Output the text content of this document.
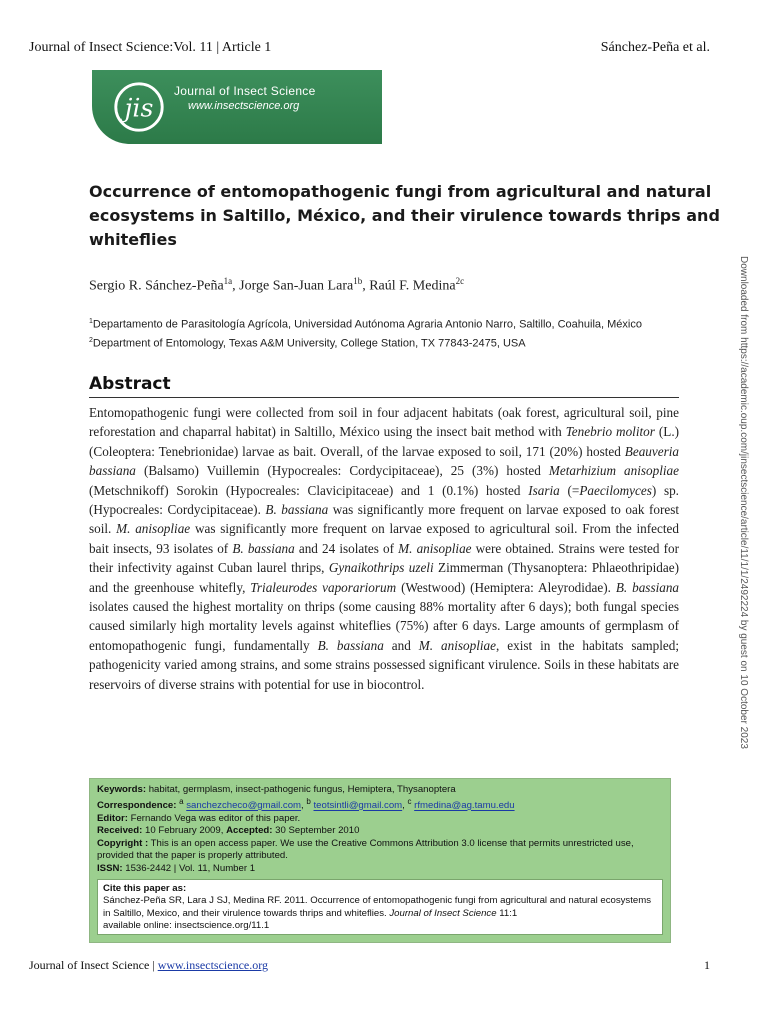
Journal of Insect Science:Vol. 11 | Article 1	Sánchez-Peña et al.
jis
Journal of Insect Science
www.insectscience.org
Occurrence of entomopathogenic fungi from agricultural and natural ecosystems in Saltillo, México, and their virulence towards thrips and whiteflies
Sergio R. Sánchez-Peña$^{1a}$, Jorge San-Juan Lara$^{1b}$, Raúl F. Medina$^{2c}$
$^1$Departamento de Parasitología Agrícola, Universidad Autónoma Agraria Antonio Narro, Saltillo, Coahuila, México
$^2$Department of Entomology, Texas A&M University, College Station, TX 77843-2475, USA
Abstract
Entomopathogenic fungi were collected from soil in four adjacent habitats (oak forest, agricultural soil, pine reforestation and chaparral habitat) in Saltillo, México using the insect bait method with Tenebrio molitor (L.) (Coleoptera: Tenebrionidae) larvae as bait. Overall, of the larvae exposed to soil, 171 (20%) hosted Beauveria bassiana (Balsamo) Vuillemin (Hypocreales: Cordycipitaceae), 25 (3%) hosted Metarhizium anisopliae (Metschnikoff) Sorokin (Hypocreales: Clavicipitaceae) and 1 (0.1%) hosted Isaria (=Paecilomyces) sp. (Hypocreales: Cordycipitaceae). B. bassiana was significantly more frequent on larvae exposed to oak forest soil. M. anisopliae was significantly more frequent on larvae exposed to agricultural soil. From the infected bait insects, 93 isolates of B. bassiana and 24 isolates of M. anisopliae were obtained. Strains were tested for their infectivity against Cuban laurel thrips, Gynaikothrips uzeli Zimmerman (Thysanoptera: Phlaeothripidae) and the greenhouse whitefly, Trialeurodes vaporariorum (Westwood) (Hemiptera: Aleyrodidae). B. bassiana isolates caused the highest mortality on thrips (some causing 88% mortality after 6 days); both fungal species caused similarly high mortality levels against whiteflies (75%) after 6 days. Large amounts of germplasm of entomopathogenic fungi, fundamentally B. bassiana and M. anisopliae, exist in the habitats sampled; pathogenicity varied among strains, and some strains possessed significant virulence. Soils in these habitats are reservoirs of diverse strains with potential for use in biocontrol.	Downloaded from https://academic.oup.com/jinsectscience/article/11/1/1/2492224 by guest on 10 October 2023
Keywords: habitat, germplasm, insect-pathogenic fungus, Hemiptera, Thysanoptera
Correspondence: $^a$ sanchezcheco@gmail.com, $^b$ teotsintli@gmail.com, $^c$ rfmedina@ag.tamu.edu
Editor: Fernando Vega was editor of this paper.
Received: 10 February 2009, Accepted: 30 September 2010
Copyright : This is an open access paper. We use the Creative Commons Attribution 3.0 license that permits unrestricted use, provided that the paper is properly attributed.
ISSN: 1536-2442 | Vol. 11, Number 1
Cite this paper as:
Sánchez-Peña SR, Lara J SJ, Medina RF. 2011. Occurrence of entomopathogenic fungi from agricultural and natural ecosystems in Saltillo, Mexico, and their virulence towards thrips and whiteflies. Journal of Insect Science 11:1
available online: insectscience.org/11.1
Journal of Insect Science | www.insectscience.org	1
